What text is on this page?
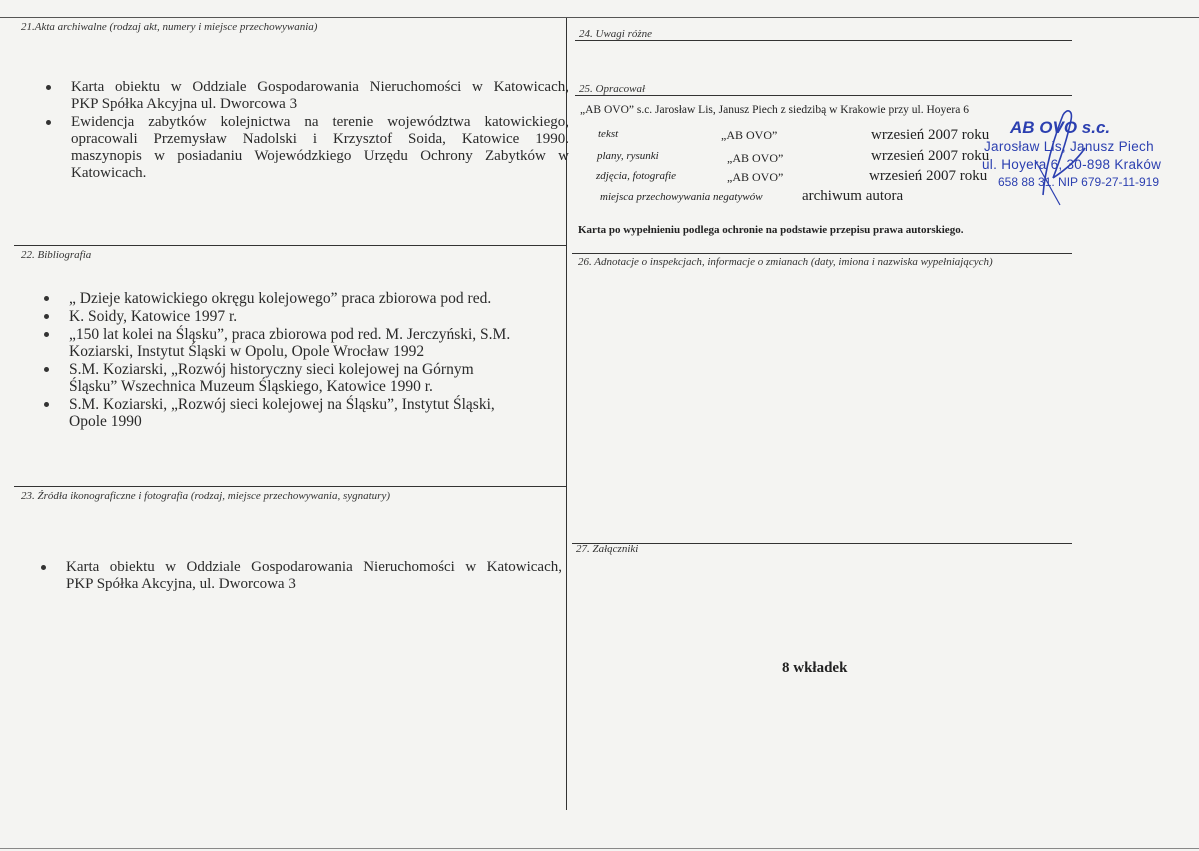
21.Akta archiwalne (rodzaj akt, numery i miejsce przechowywania)
Karta obiektu w Oddziale Gospodarowania Nieruchomości w Katowicach,
PKP Spółka Akcyjna ul. Dworcowa 3
Ewidencja zabytków kolejnictwa na terenie województwa katowickiego,
opracowali Przemysław Nadolski i Krzysztof Soida, Katowice 1990.
maszynopis w posiadaniu Wojewódzkiego Urzędu Ochrony Zabytków w
Katowicach.
22. Bibliografia
„ Dzieje katowickiego okręgu kolejowego” praca zbiorowa pod red.
K. Soidy, Katowice 1997 r.
„150 lat kolei na Śląsku”, praca zbiorowa pod red. M. Jerczyński, S.M.
Koziarski, Instytut Śląski w Opolu, Opole Wrocław 1992
S.M. Koziarski, „Rozwój historyczny sieci kolejowej na Górnym
Śląsku” Wszechnica Muzeum Śląskiego, Katowice 1990 r.
S.M. Koziarski, „Rozwój sieci kolejowej na Śląsku”, Instytut Śląski,
Opole 1990
23. Źródła ikonograficzne i fotografia (rodzaj, miejsce przechowywania, sygnatury)
Karta obiektu w Oddziale Gospodarowania Nieruchomości w Katowicach,
PKP Spółka Akcyjna, ul. Dworcowa 3
24. Uwagi różne
25. Opracował
„AB OVO” s.c. Jarosław Lis, Janusz Piech z siedzibą w Krakowie przy ul. Hoyera 6
tekst	„AB OVO”	wrzesień 2007 roku
plany, rysunki	„AB OVO”	wrzesień 2007 roku
zdjęcia, fotografie	„AB OVO”	wrzesień 2007 roku
miejsca przechowywania negatywów	archiwum autora
Karta po wypełnieniu podlega ochronie na podstawie przepisu prawa autorskiego.
AB OVO s.c.
Jarosław Lis, Janusz Piech
ul. Hoyera 6, 30-898 Kraków
658 88 31. NIP 679-27-11-919
26. Adnotacje o inspekcjach, informacje o zmianach (daty, imiona i nazwiska wypełniających)
27. Załączniki
8 wkładek
